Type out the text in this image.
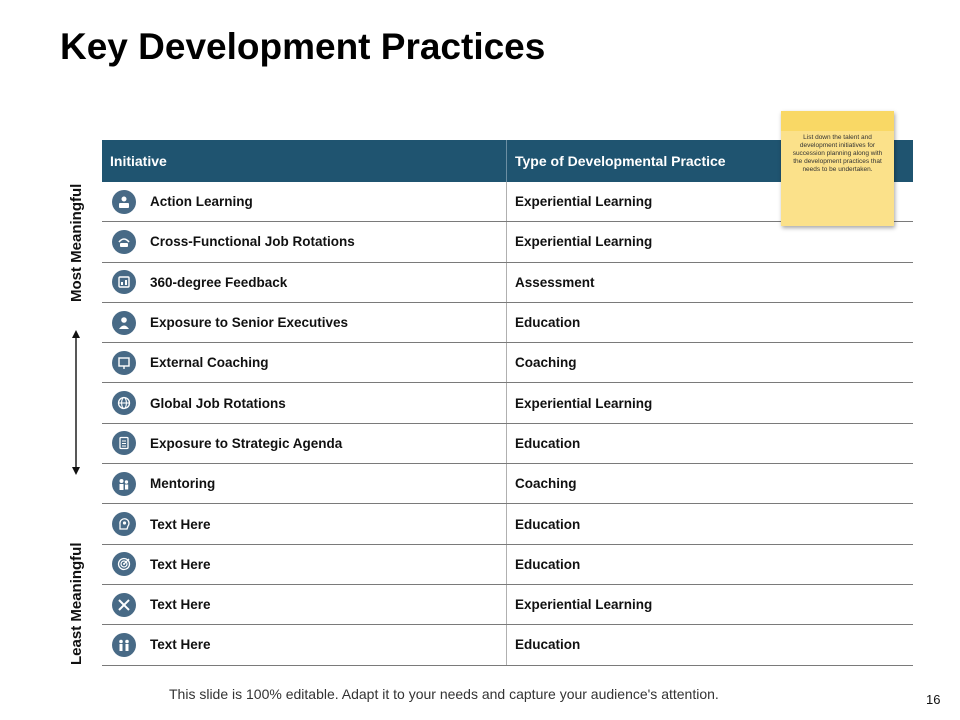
Key Development Practices
Most Meaningful
Least Meaningful
Initiative	Type of Developmental Practice
Action Learning	Experiential Learning
Cross-Functional Job Rotations	Experiential Learning
360-degree Feedback	Assessment
Exposure to Senior Executives	Education
External Coaching	Coaching
Global Job Rotations	Experiential Learning
Exposure to Strategic Agenda	Education
Mentoring	Coaching
Text Here	Education
Text Here	Education
Text Here	Experiential Learning
Text Here	Education
List down the talent and development initiatives for succession planning along with the development practices that needs to be undertaken.
This slide is 100% editable. Adapt it to your needs and capture your audience's attention.	16
